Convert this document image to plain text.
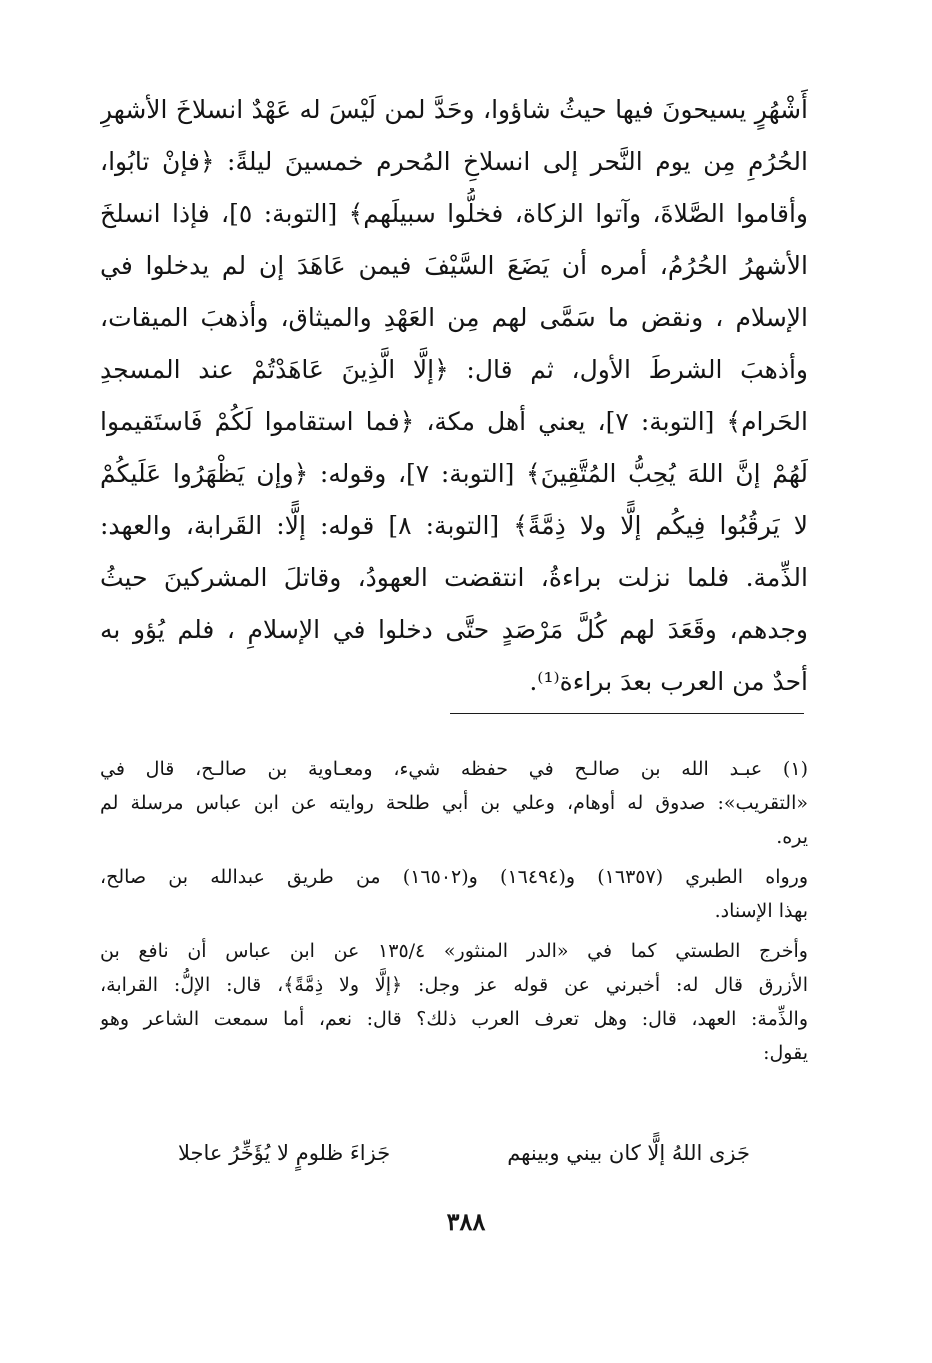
أَشْهُرٍ يسيحونَ فيها حيثُ شاؤوا، وحَدَّ لمن لَيْسَ له عَهْدٌ انسلاخَ الأشهرِ
الحُرُمِ مِن يوم النَّحر إلى انسلاخِ المُحرم خمسينَ ليلةً: ﴿فإنْ تابُوا،
وأقاموا الصَّلاةَ، وآتوا الزكاة، فخلُّوا سبيلَهم﴾ [التوبة: ٥]، فإذا انسلخَ
الأشهرُ الحُرُمُ، أمره أن يَضَعَ السَّيْفَ فيمن عَاهَدَ إن لم يدخلوا في
الإسلام ، ونقض ما سَمَّى لهم مِن العَهْدِ والميثاق، وأذهبَ الميقات،
وأذهبَ الشرطَ الأول، ثم قال: ﴿إلَّا الَّذِينَ عَاهَدْتُمْ عند المسجدِ
الحَرام﴾ [التوبة: ٧]، يعني أهل مكة، ﴿فما استقاموا لَكُمْ فَاستَقيموا
لَهُمْ إنَّ اللهَ يُحِبُّ المُتَّقِينَ﴾ [التوبة: ٧]، وقوله: ﴿وإن يَظْهَرُوا عَلَيكُمْ
لا يَرقُبُوا فِيكُم إلًّا ولا ذِمَّةً﴾ [التوبة: ٨] قوله: إلًّا: القَرابة، والعهد:
الذِّمة. فلما نزلت براءةُ، انتقضت العهودُ، وقاتلَ المشركينَ حيثُ
وجدهم، وقَعَدَ لهم كُلَّ مَرْصَدٍ حتَّى دخلوا في الإسلامِ ، فلم يُؤو به
أحدٌ من العرب بعدَ براءة⁽¹⁾.
(١) عبـد الله بن صالـح في حفظه شيء، ومعـاوية بن صالـح، قال في
«التقريب»: صدوق له أوهام، وعلي بن أبي طلحة روايته عن ابن عباس مرسلة لم
يره.
ورواه الطبري (١٦٣٥٧) و(١٦٤٩٤) و(١٦٥٠٢) من طريق عبدالله بن صالح،
بهذا الإسناد.
وأخرج الطستي كما في «الدر المنثور» ١٣٥/٤ عن ابن عباس أن نافع بن
الأزرق قال له: أخبرني عن قوله عز وجل: ﴿إلًّا ولا ذِمَّةً﴾، قال: الإلُّ: القرابة،
والذِّمة: العهد، قال: وهل تعرف العرب ذلك؟ قال: نعم، أما سمعت الشاعر وهو
يقول:
جَزى اللهُ إلًّا كان بيني وبينهم
جَزاءَ ظلومٍ لا يُؤَخِّرُ عاجلا
٣٨٨
